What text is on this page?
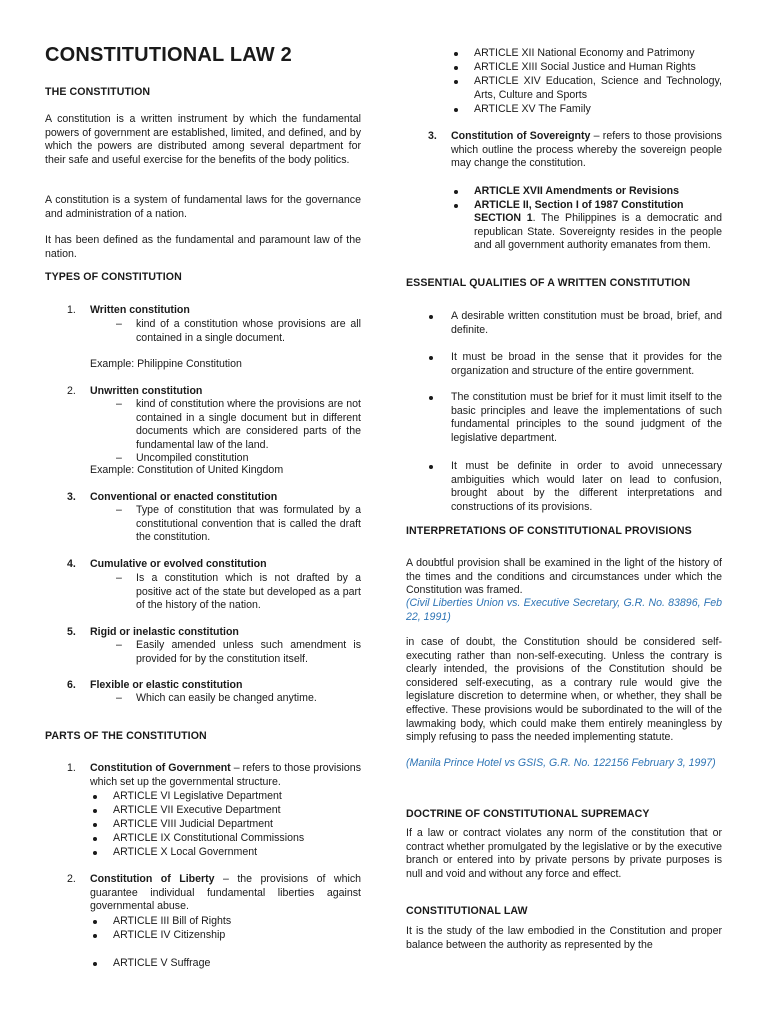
CONSTITUTIONAL LAW 2
THE CONSTITUTION

A constitution is a written instrument by which the fundamental powers of government are established, limited, and defined, and by which the powers are distributed among several department for their safe and useful exercise for the benefits of the body politics.

A constitution is a system of fundamental laws for the governance and administration of a nation.

It has been defined as the fundamental and paramount law of the nation.

TYPES OF CONSTITUTION
1. Written constitution
– kind of a constitution whose provisions are all contained in a single document.

Example: Philippine Constitution

2. Unwritten constitution
– kind of constitution where the provisions are not contained in a single document but in different documents which are considered parts of the fundamental law of the land.

– Uncompiled constitution

Example: Constitution of United Kingdom

3. Conventional or enacted constitution
– Type of constitution that was formulated by a constitutional convention that is called the draft the constitution.

4. Cumulative or evolved constitution
– Is a constitution which is not drafted by a positive act of the state but developed as a part of the history of the nation.

5. Rigid or inelastic constitution
– Easily amended unless such amendment is provided for by the constitution itself.

6. Flexible or elastic constitution
– Which can easily be changed anytime.

PARTS OF THE CONSTITUTION
1. Constitution of Government – refers to those provisions which set up the governmental structure.

ARTICLE VI Legislative Department
ARTICLE VII Executive Department
ARTICLE VIII Judicial Department
ARTICLE IX Constitutional Commissions
ARTICLE X Local Government
2. Constitution of Liberty – the provisions of which guarantee individual fundamental liberties against governmental abuse.

ARTICLE III Bill of Rights
ARTICLE IV Citizenship
ARTICLE V Suffrage
ARTICLE XII National Economy and Patrimony
ARTICLE XIII Social Justice and Human Rights

ARTICLE XIV Education, Science and Technology, Arts, Culture and Sports

ARTICLE XV The Family
3. Constitution of Sovereignty – refers to those provisions which outline the process whereby the sovereign people may change the constitution.

ARTICLE XVII Amendments or Revisions
ARTICLE II, Section I of 1987 Constitution

SECTION 1. The Philippines is a democratic and republican State. Sovereignty resides in the people and all government authority emanates from them.

ESSENTIAL QUALITIES OF A WRITTEN CONSTITUTION

A desirable written constitution must be broad, brief, and definite.

It must be broad in the sense that it provides for the organization and structure of the entire government.

The constitution must be brief for it must limit itself to the basic principles and leave the implementations of such fundamental principles to the sound judgment of the legislative department.

It must be definite in order to avoid unnecessary ambiguities which would later on lead to confusion, brought about by the different interpretations and constructions of its provisions.

INTERPRETATIONS OF CONSTITUTIONAL PROVISIONS

A doubtful provision shall be examined in the light of the history of the times and the conditions and circumstances under which the Constitution was framed.

(Civil Liberties Union vs. Executive Secretary, G.R. No. 83896, Feb 22, 1991)

in case of doubt, the Constitution should be considered self-executing rather than non-self-executing. Unless the contrary is clearly intended, the provisions of the Constitution should be considered self-executing, as a contrary rule would give the legislature discretion to determine when, or whether, they shall be effective. These provisions would be subordinated to the will of the lawmaking body, which could make them entirely meaningless by simply refusing to pass the needed implementing statute.

(Manila Prince Hotel vs GSIS, G.R. No. 122156 February 3, 1997)

DOCTRINE OF CONSTITUTIONAL SUPREMACY

If a law or contract violates any norm of the constitution that or contract whether promulgated by the legislative or by the executive branch or entered into by private persons by private purposes is null and void and without any force and effect.

CONSTITUTIONAL LAW

It is the study of the law embodied in the Constitution and proper balance between the authority as represented by the
